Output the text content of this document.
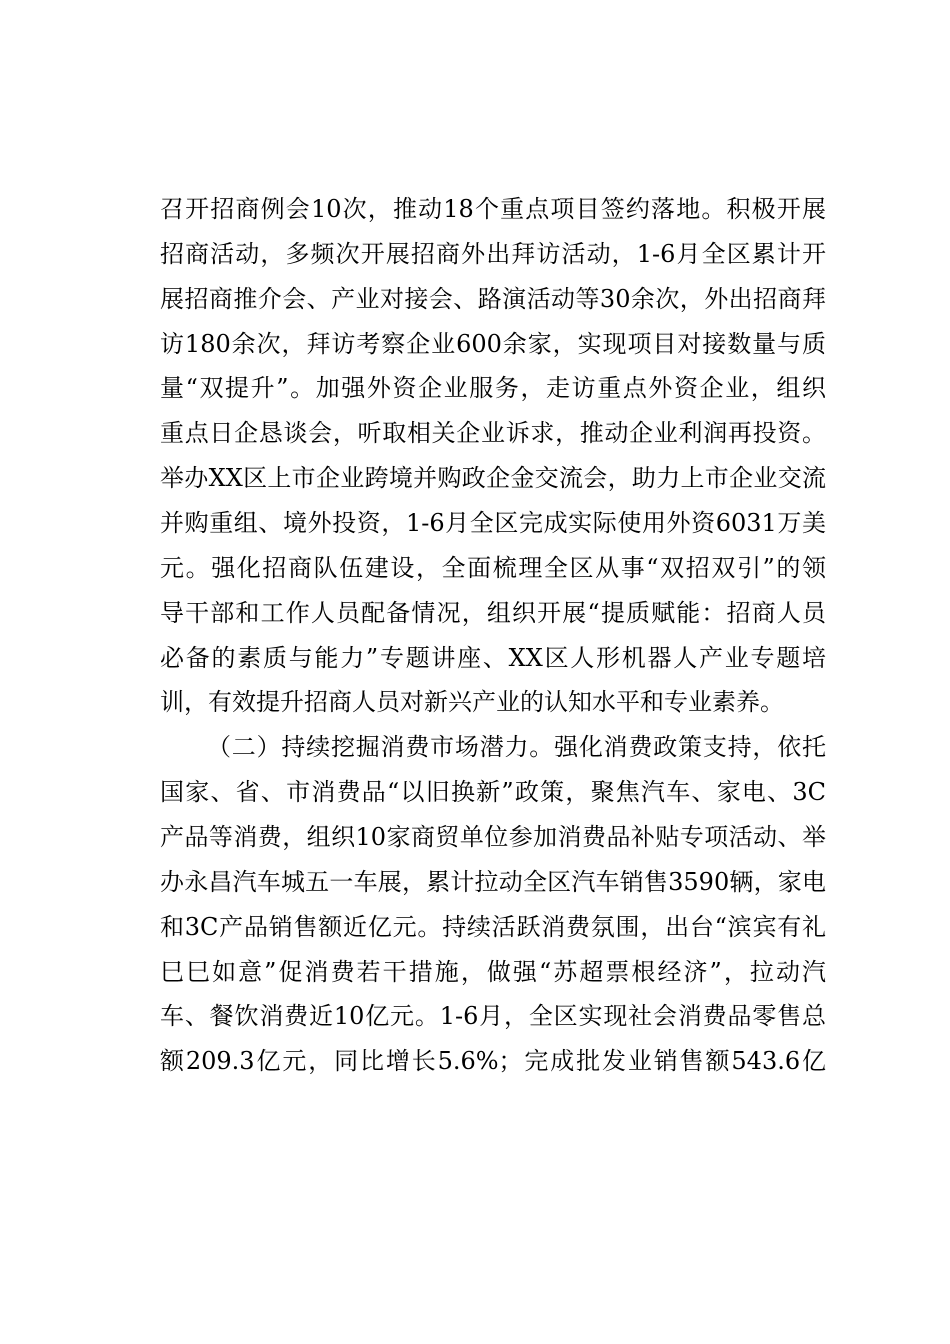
召开招商例会10次，推动18个重点项目签约落地。积极开展
招商活动，多频次开展招商外出拜访活动，1-6月全区累计开
展招商推介会、产业对接会、路演活动等30余次，外出招商拜
访180余次，拜访考察企业600余家，实现项目对接数量与质
量“双提升”。加强外资企业服务，走访重点外资企业，组织
重点日企恳谈会，听取相关企业诉求，推动企业利润再投资。
举办XX区上市企业跨境并购政企金交流会，助力上市企业交流
并购重组、境外投资，1-6月全区完成实际使用外资6031万美
元。强化招商队伍建设，全面梳理全区从事“双招双引”的领
导干部和工作人员配备情况，组织开展“提质赋能：招商人员
必备的素质与能力”专题讲座、XX区人形机器人产业专题培
训，有效提升招商人员对新兴产业的认知水平和专业素养。
（二）持续挖掘消费市场潜力。强化消费政策支持，依托
国家、省、市消费品“以旧换新”政策，聚焦汽车、家电、3C
产品等消费，组织10家商贸单位参加消费品补贴专项活动、举
办永昌汽车城五一车展，累计拉动全区汽车销售3590辆，家电
和3C产品销售额近亿元。持续活跃消费氛围，出台“滨宾有礼
巳巳如意”促消费若干措施，做强“苏超票根经济”，拉动汽
车、餐饮消费近10亿元。1-6月，全区实现社会消费品零售总
额209.3亿元，同比增长5.6%；完成批发业销售额543.6亿
